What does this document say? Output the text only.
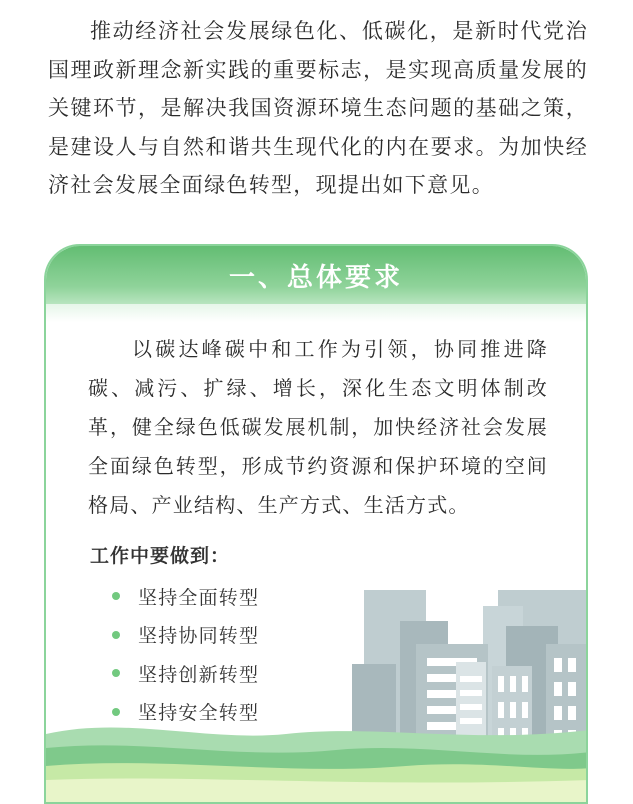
推动经济社会发展绿色化、低碳化，是新时代党治国理政新理念新实践的重要标志，是实现高质量发展的关键环节，是解决我国资源环境生态问题的基础之策，是建设人与自然和谐共生现代化的内在要求。为加快经济社会发展全面绿色转型，现提出如下意见。

一、总体要求

以碳达峰碳中和工作为引领，协同推进降碳、减污、扩绿、增长，深化生态文明体制改革，健全绿色低碳发展机制，加快经济社会发展全面绿色转型，形成节约资源和保护环境的空间格局、产业结构、生产方式、生活方式。

工作中要做到：
坚持全面转型
坚持协同转型
坚持创新转型
坚持安全转型
